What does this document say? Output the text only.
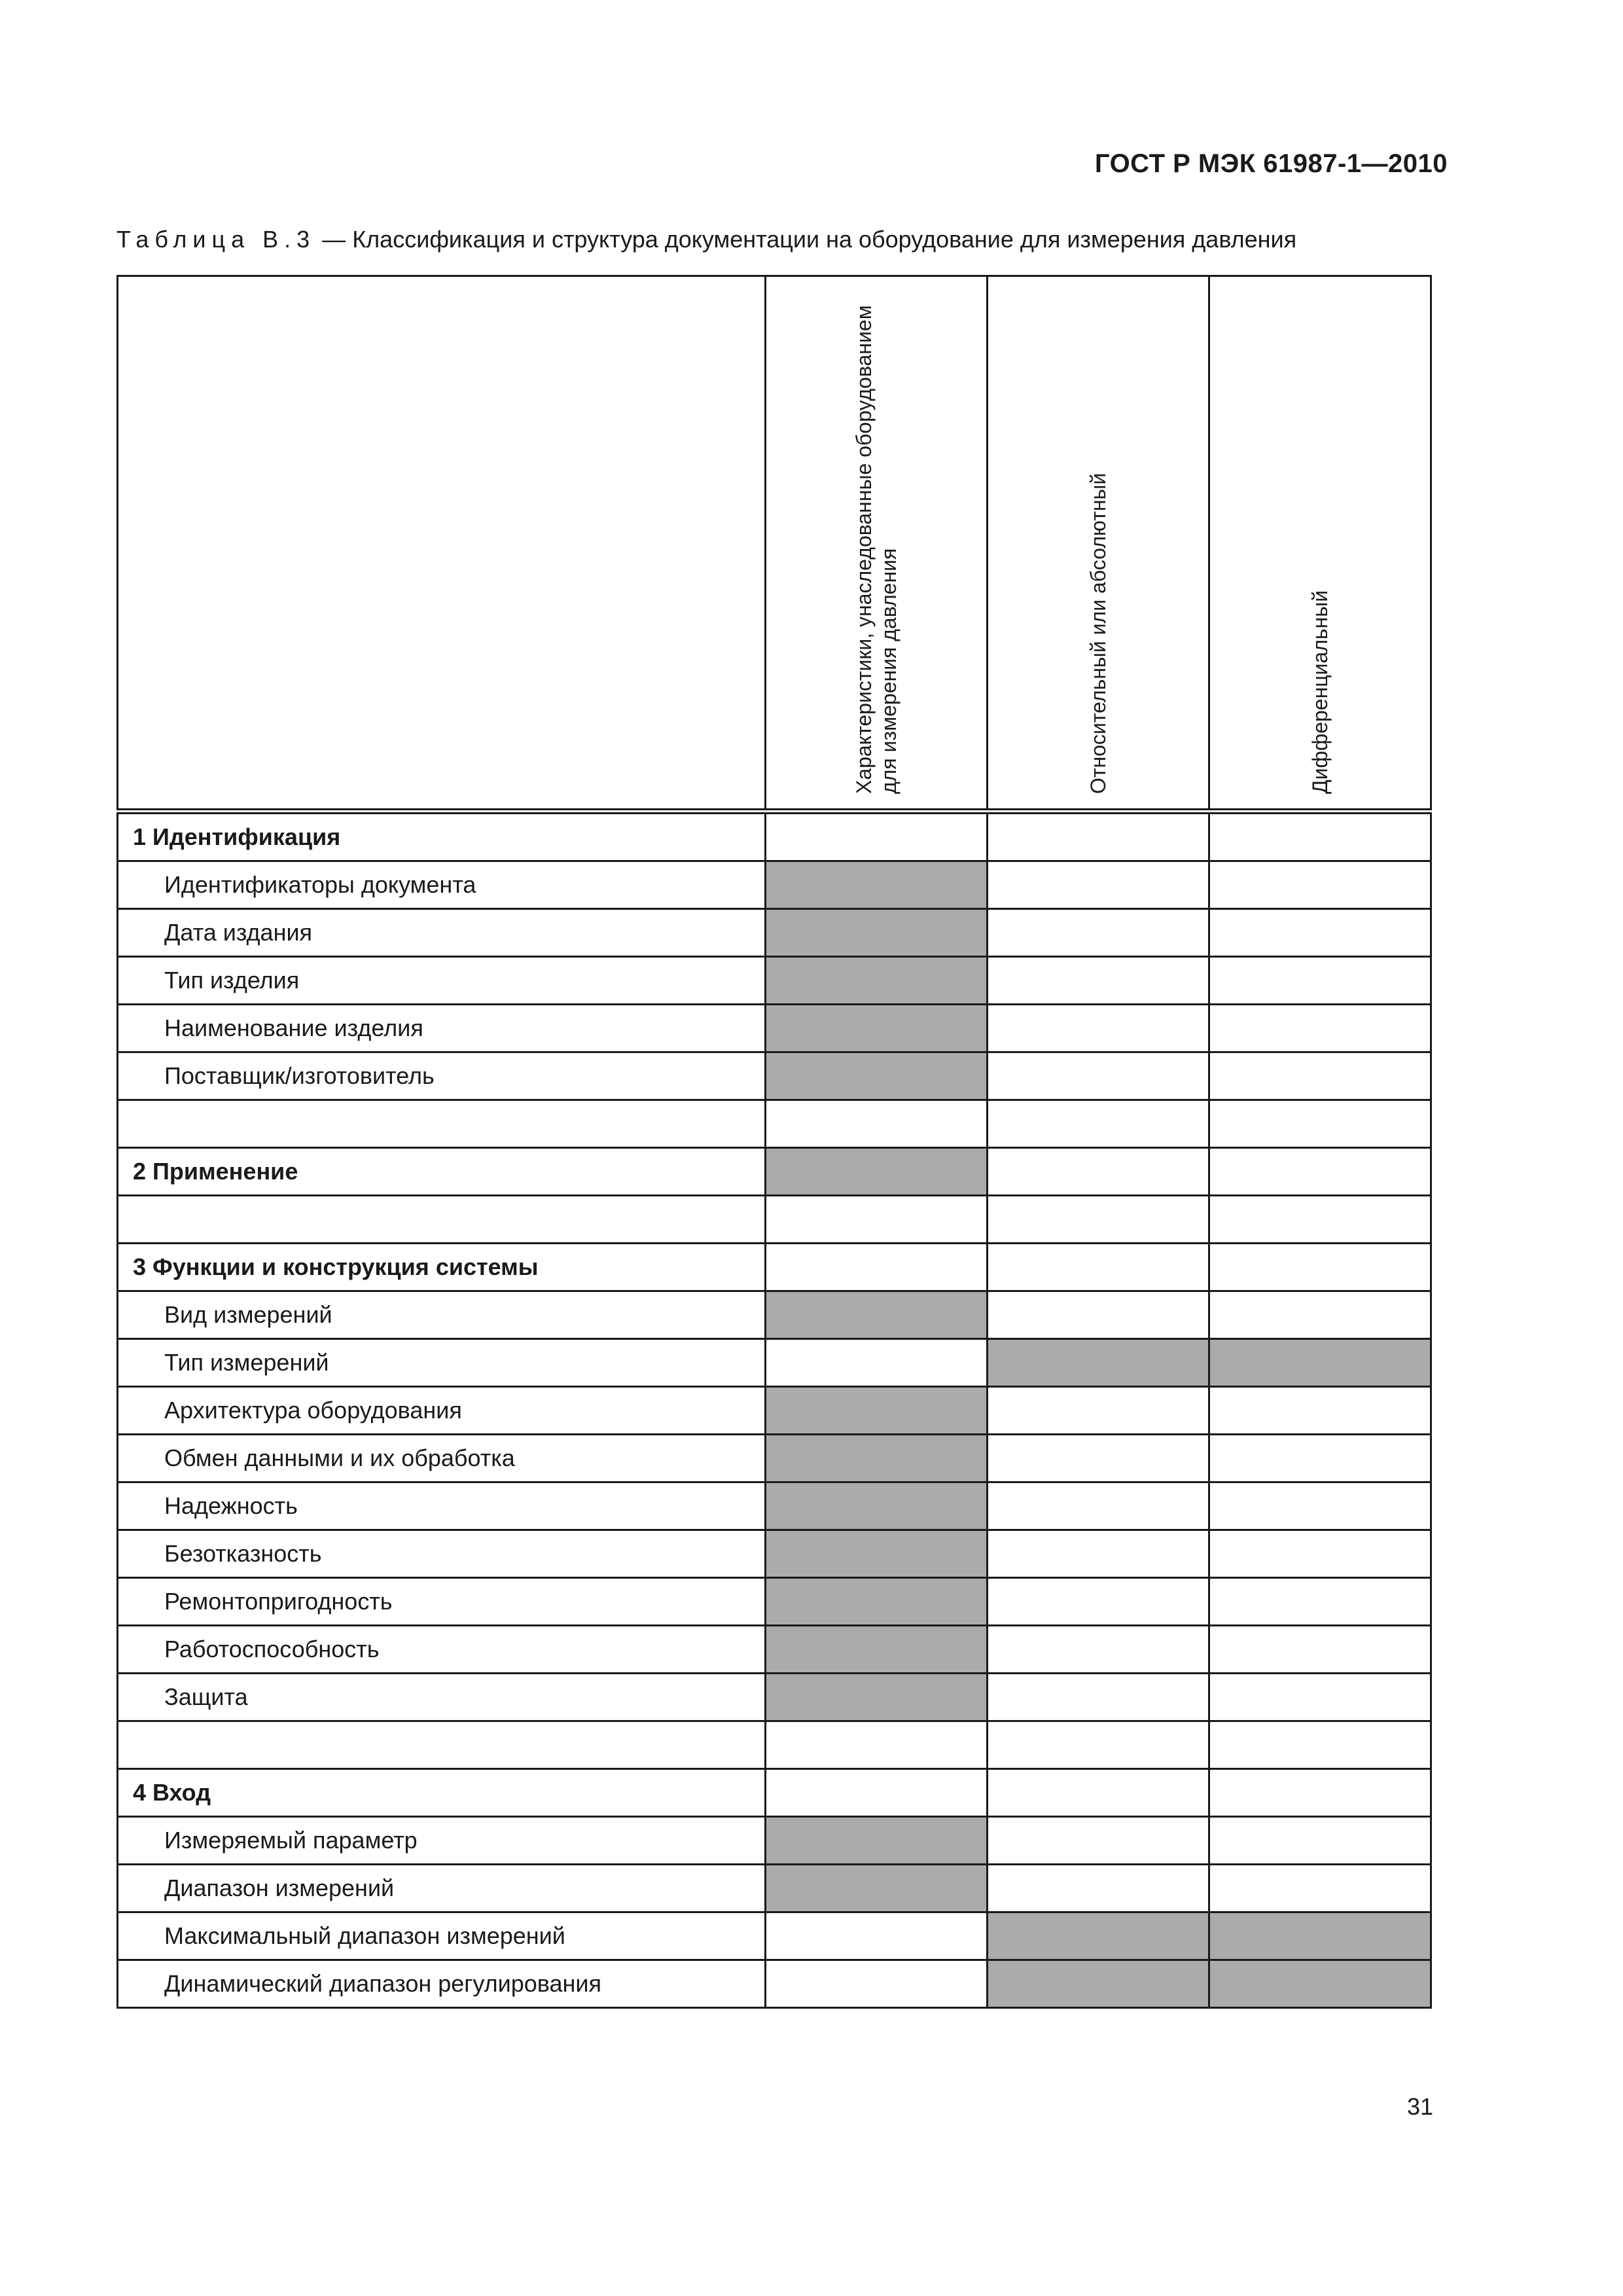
ГОСТ Р МЭК 61987-1—2010
Таблица В.3 — Классификация и структура документации на оборудование для измерения давления

	Характеристики, унаследованные оборудованием для измерения давления	Относительный или абсолютный	Дифференциальный

1 Идентификация			
Идентификаторы документа			
Дата издания			
Тип изделия			
Наименование изделия			
Поставщик/изготовитель			

2 Применение			

3 Функции и конструкция системы			
Вид измерений			
Тип измерений			
Архитектура оборудования			
Обмен данными и их обработка			
Надежность			
Безотказность			
Ремонтопригодность			
Работоспособность			
Защита			

4 Вход			
Измеряемый параметр			
Диапазон измерений			
Максимальный диапазон измерений			
Динамический диапазон регулирования			
31
